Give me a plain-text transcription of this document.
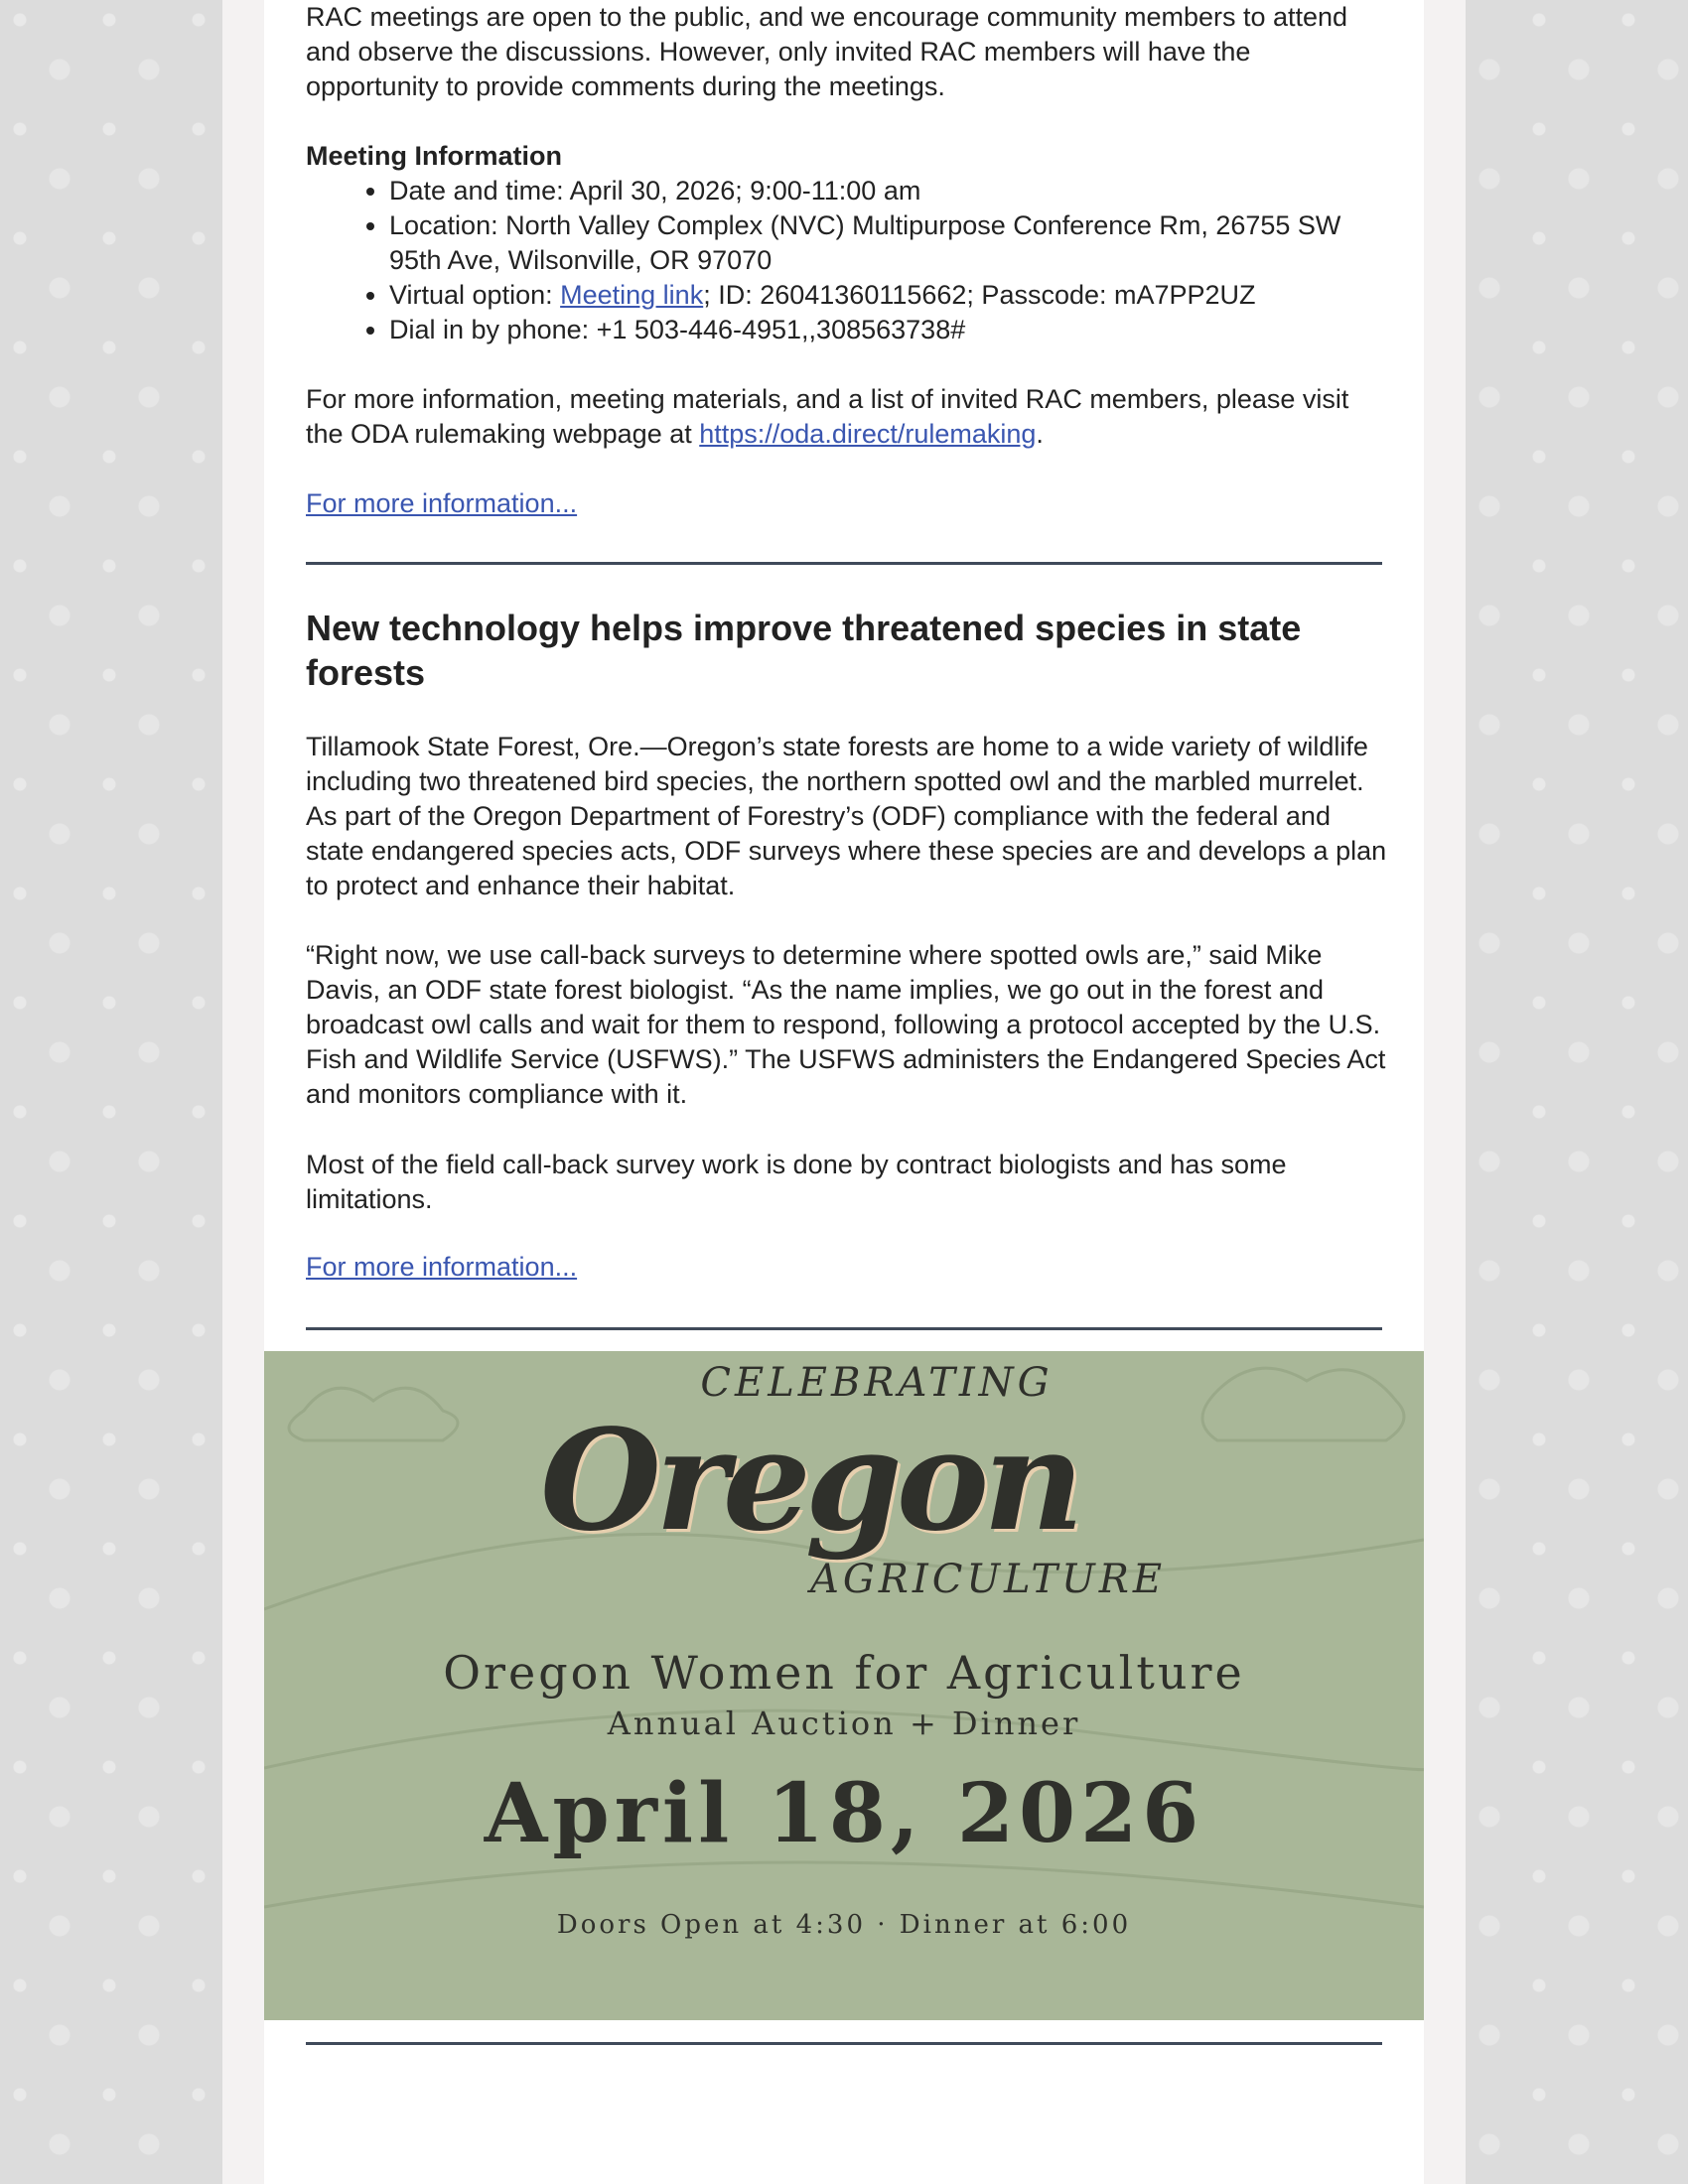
RAC meetings are open to the public, and we encourage community members to attend and observe the discussions. However, only invited RAC members will have the opportunity to provide comments during the meetings.
Meeting Information
• Date and time: April 30, 2026; 9:00-11:00 am
• Location: North Valley Complex (NVC) Multipurpose Conference Rm, 26755 SW 95th Ave, Wilsonville, OR 97070
• Virtual option: Meeting link; ID: 26041360115662; Passcode: mA7PP2UZ
• Dial in by phone: +1 503-446-4951,,308563738#
For more information, meeting materials, and a list of invited RAC members, please visit the ODA rulemaking webpage at https://oda.direct/rulemaking.
For more information...
New technology helps improve threatened species in state forests
Tillamook State Forest, Ore.—Oregon’s state forests are home to a wide variety of wildlife including two threatened bird species, the northern spotted owl and the marbled murrelet. As part of the Oregon Department of Forestry’s (ODF) compliance with the federal and state endangered species acts, ODF surveys where these species are and develops a plan to protect and enhance their habitat.
“Right now, we use call-back surveys to determine where spotted owls are,” said Mike Davis, an ODF state forest biologist. “As the name implies, we go out in the forest and broadcast owl calls and wait for them to respond, following a protocol accepted by the U.S. Fish and Wildlife Service (USFWS).” The USFWS administers the Endangered Species Act and monitors compliance with it.
Most of the field call-back survey work is done by contract biologists and has some limitations.
For more information...
CELEBRATING
Oregon
AGRICULTURE
Oregon Women for Agriculture
Annual Auction + Dinner
April 18, 2026
Doors Open at 4:30 · Dinner at 6:00
